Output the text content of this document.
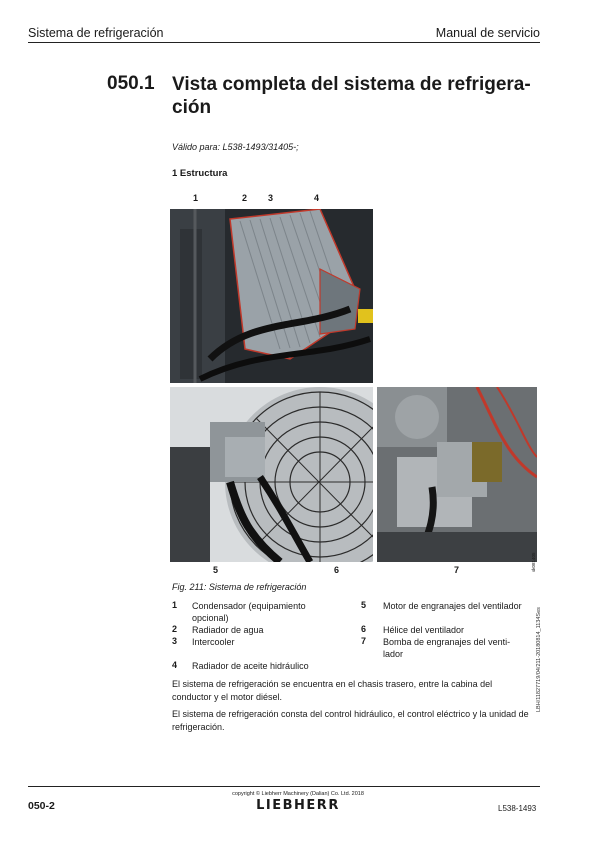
Sistema de refrigeración	Manual de servicio
050.1 Vista completa del sistema de refrigera-
ción
Válido para: L538-1493/31405-;
1 Estructura
1	2 3	4
5	6	7	sk081405
Fig. 211: Sistema de refrigeración
1 Condensador (equipamiento
opcional)
2 Radiador de agua
3 Intercooler
4 Radiador de aceite hidráulico
5 Motor de engranajes del ventilador
6 Hélice del ventilador
7 Bomba de engranajes del venti-
lador
El sistema de refrigeración se encuentra en el chasis trasero, entre la cabina del conductor y el motor diésel.
El sistema de refrigeración consta del control hidráulico, el control eléctrico y la unidad de refrigeración.
LBH/11827719/04/211-20180814_1134Ses
copyright © Liebherr Machinery (Dalian) Co. Ltd. 2018
LIEBHERR
050-2	L538-1493
